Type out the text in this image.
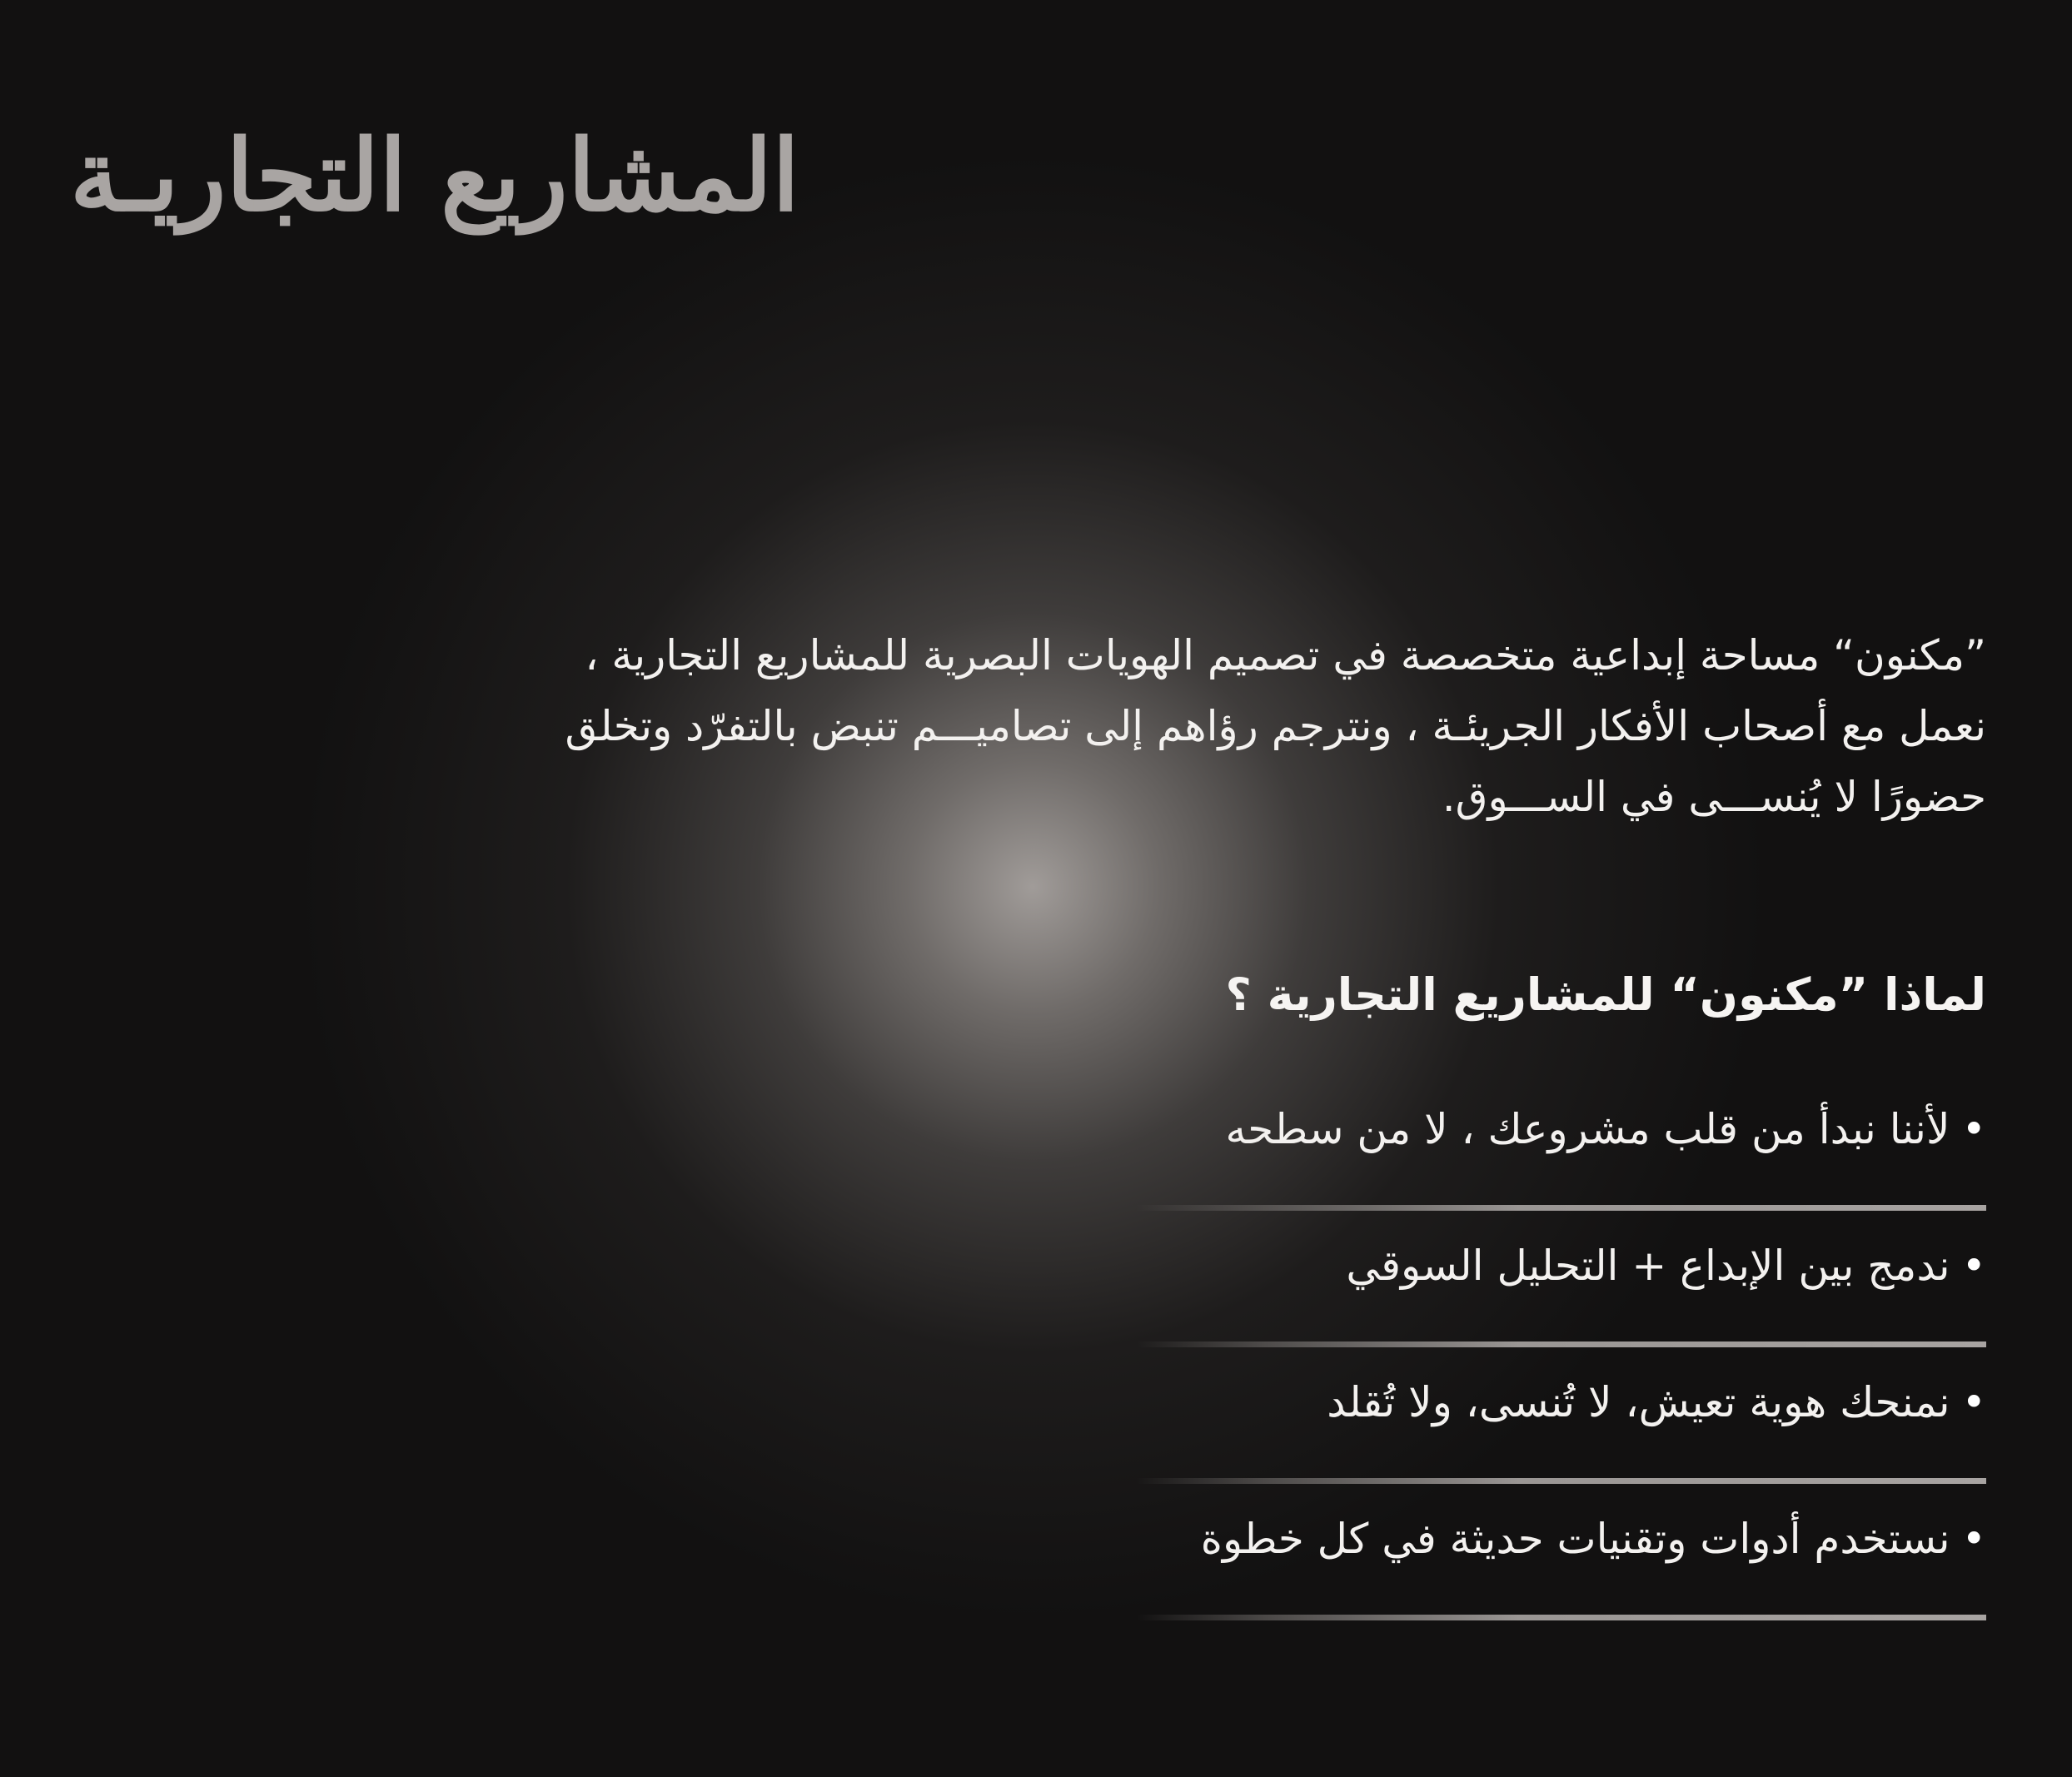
المشاريع التجاريـة
”مكنون“ مساحة إبداعية متخصصة في تصميم الهويات البصرية للمشاريع التجارية ،
نعمل مع أصحاب الأفكار الجريئـة ، ونترجم رؤاهم إلى تصاميـــم تنبض بالتفرّد وتخلق
حضورًا لا يُنســـى في الســـوق.
لماذا ”مكنون“ للمشاريع التجارية ؟
•لأننا نبدأ من قلب مشروعك ، لا من سطحه
•ندمج بين الإبداع + التحليل السوقي
•نمنحك هوية تعيش، لا تُنسى، ولا تُقلد
•نستخدم أدوات وتقنيات حديثة في كل خطوة
